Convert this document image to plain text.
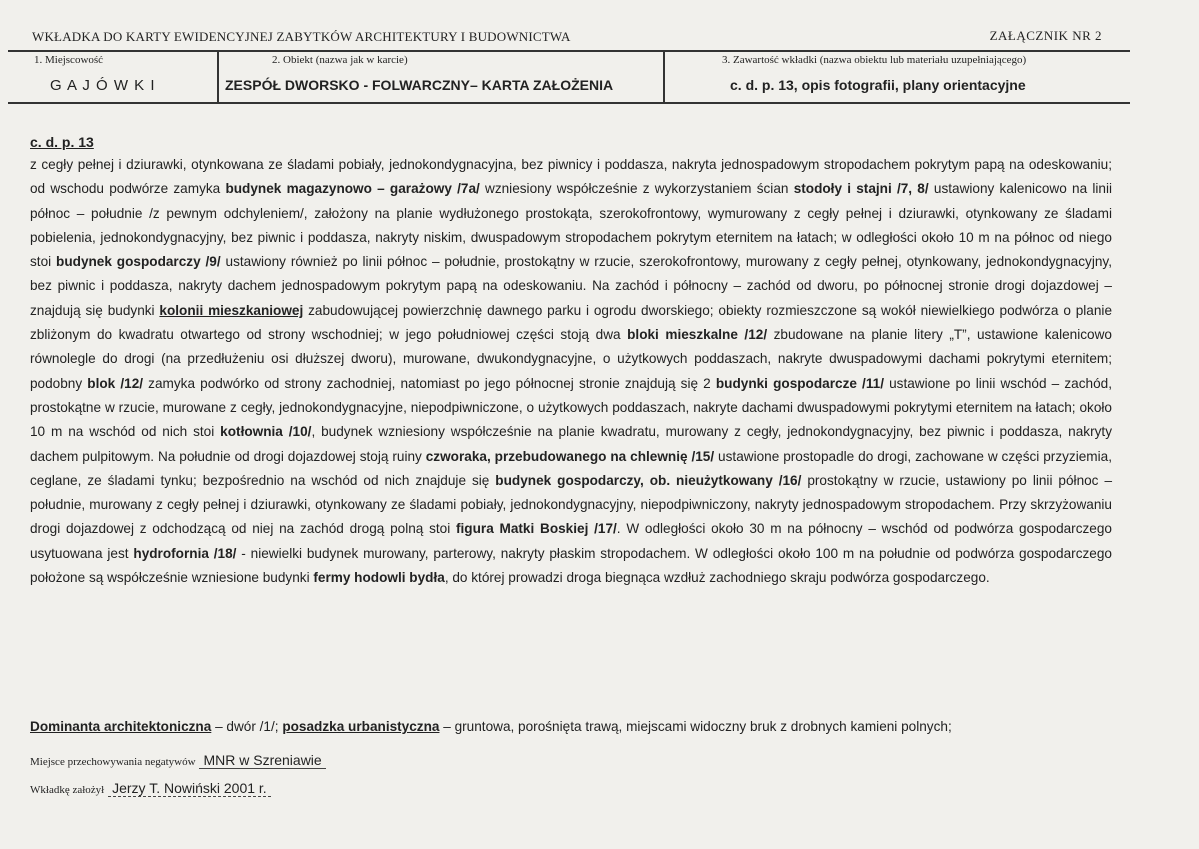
WKŁADKA DO KARTY EWIDENCYJNEJ ZABYTKÓW ARCHITEKTURY I BUDOWNICTWA	ZAŁĄCZNIK NR 2
1. Miejscowość
G A J Ó W K I
2. Obiekt (nazwa jak w karcie)
ZESPÓŁ DWORSKO - FOLWARCZNY– KARTA ZAŁOŻENIA
3. Zawartość wkładki (nazwa obiektu lub materiału uzupełniającego)
c. d. p. 13, opis fotografii, plany orientacyjne
c. d. p. 13

z cegły pełnej i dziurawki, otynkowana ze śladami pobiały, jednokondygnacyjna, bez piwnicy i poddasza, nakryta jednospadowym stropodachem pokrytym papą na odeskowaniu; od wschodu podwórze zamyka budynek magazynowo – garażowy /7a/ wzniesiony współcześnie z wykorzystaniem ścian stodoły i stajni /7, 8/ ustawiony kalenicowo na linii północ – południe /z pewnym odchyleniem/, założony na planie wydłużonego prostokąta, szerokofrontowy, wymurowany z cegły pełnej i dziurawki, otynkowany ze śladami pobielenia, jednokondygnacyjny, bez piwnic i poddasza, nakryty niskim, dwuspadowym stropodachem pokrytym eternitem na łatach; w odległości około 10 m na północ od niego stoi budynek gospodarczy /9/ ustawiony również po linii północ – południe, prostokątny w rzucie, szerokofrontowy, murowany z cegły pełnej, otynkowany, jednokondygnacyjny, bez piwnic i poddasza, nakryty dachem jednospadowym pokrytym papą na odeskowaniu. Na zachód i północny – zachód od dworu, po północnej stronie drogi dojazdowej – znajdują się budynki kolonii mieszkaniowej zabudowującej powierzchnię dawnego parku i ogrodu dworskiego; obiekty rozmieszczone są wokół niewielkiego podwórza o planie zbliżonym do kwadratu otwartego od strony wschodniej; w jego południowej części stoją dwa bloki mieszkalne /12/ zbudowane na planie litery „T”, ustawione kalenicowo równolegle do drogi (na przedłużeniu osi dłuższej dworu), murowane, dwukondygnacyjne, o użytkowych poddaszach, nakryte dwuspadowymi dachami pokrytymi eternitem; podobny blok /12/ zamyka podwórko od strony zachodniej, natomiast po jego północnej stronie znajdują się 2 budynki gospodarcze /11/ ustawione po linii wschód – zachód, prostokątne w rzucie, murowane z cegły, jednokondygnacyjne, niepodpiwniczone, o użytkowych poddaszach, nakryte dachami dwuspadowymi pokrytymi eternitem na łatach; około 10 m na wschód od nich stoi kotłownia /10/, budynek wzniesiony współcześnie na planie kwadratu, murowany z cegły, jednokondygnacyjny, bez piwnic i poddasza, nakryty dachem pulpitowym. Na południe od drogi dojazdowej stoją ruiny czworaka, przebudowanego na chlewnię /15/ ustawione prostopadle do drogi, zachowane w części przyziemia, ceglane, ze śladami tynku; bezpośrednio na wschód od nich znajduje się budynek gospodarczy, ob. nieużytkowany /16/ prostokątny w rzucie, ustawiony po linii północ – południe, murowany z cegły pełnej i dziurawki, otynkowany ze śladami pobiały, jednokondygnacyjny, niepodpiwniczony, nakryty jednospadowym stropodachem. Przy skrzyżowaniu drogi dojazdowej z odchodzącą od niej na zachód drogą polną stoi figura Matki Boskiej /17/. W odległości około 30 m na północny – wschód od podwórza gospodarczego usytuowana jest hydrofornia /18/ - niewielki budynek murowany, parterowy, nakryty płaskim stropodachem. W odległości około 100 m na południe od podwórza gospodarczego położone są współcześnie wzniesione budynki fermy hodowli bydła, do której prowadzi droga biegnąca wzdłuż zachodniego skraju podwórza gospodarczego.

Dominanta architektoniczna – dwór /1/; posadzka urbanistyczna – gruntowa, porośnięta trawą, miejscami widoczny bruk z drobnych kamieni polnych;
Miejsce przechowywania negatywów MNR w Szreniawie
Wkładkę założył Jerzy T. Nowiński 2001 r.
